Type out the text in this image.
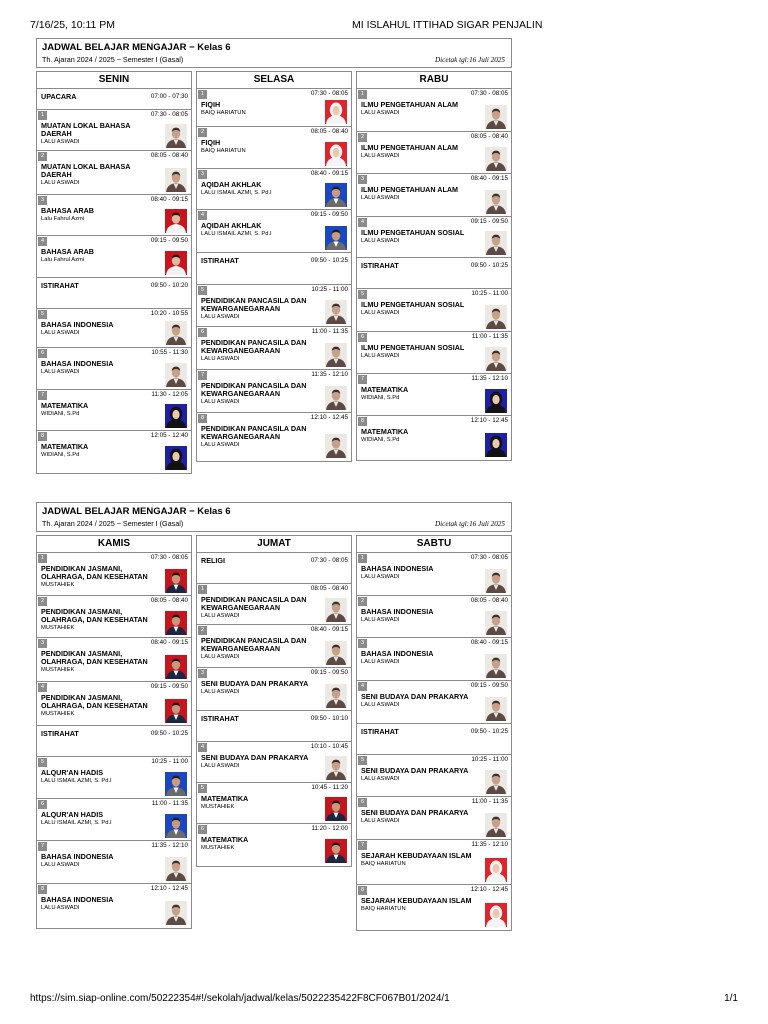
7/16/25, 10:11 PM	MI ISLAHUL ITTIHAD SIGAR PENJALIN
JADWAL BELAJAR MENGAJAR − Kelas 6
Th. Ajaran 2024 / 2025 − Semester I (Gasal)	Dicetak tgl:16 Juli 2025
SENIN
07:00 - 07:30
UPACARA
1	07:30 - 08:05
MUATAN LOKAL BAHASA DAERAH
LALU ASWADI
2	08:05 - 08:40
MUATAN LOKAL BAHASA DAERAH
LALU ASWADI
3	08:40 - 09:15
BAHASA ARAB
Lalu Fahrul Azmi
4	09:15 - 09:50
BAHASA ARAB
Lalu Fahrul Azmi
09:50 - 10:20
ISTIRAHAT
5	10:20 - 10:55
BAHASA INDONESIA
LALU ASWADI
6	10:55 - 11:30
BAHASA INDONESIA
LALU ASWADI
7	11:30 - 12:05
MATEMATIKA
WIDIANI, S.Pd
8	12:05 - 12:40
MATEMATIKA
WIDIANI, S.Pd
SELASA
1	07:30 - 08:05
FIQIH
BAIQ HARIATUN
2	08:05 - 08:40
FIQIH
BAIQ HARIATUN
3	08:40 - 09:15
AQIDAH AKHLAK
LALU ISMAIL AZMI, S. Pd.I
4	09:15 - 09:50
AQIDAH AKHLAK
LALU ISMAIL AZMI, S. Pd.I
09:50 - 10:25
ISTIRAHAT
5	10:25 - 11:00
PENDIDIKAN PANCASILA DAN KEWARGANEGARAAN
LALU ASWADI
6	11:00 - 11:35
PENDIDIKAN PANCASILA DAN KEWARGANEGARAAN
LALU ASWADI
7	11:35 - 12:10
PENDIDIKAN PANCASILA DAN KEWARGANEGARAAN
LALU ASWADI
8	12:10 - 12:45
PENDIDIKAN PANCASILA DAN KEWARGANEGARAAN
LALU ASWADI
RABU
1	07:30 - 08:05
ILMU PENGETAHUAN ALAM
LALU ASWADI
2	08:05 - 08:40
ILMU PENGETAHUAN ALAM
LALU ASWADI
3	08:40 - 09:15
ILMU PENGETAHUAN ALAM
LALU ASWADI
4	09:15 - 09:50
ILMU PENGETAHUAN SOSIAL
LALU ASWADI
09:50 - 10:25
ISTIRAHAT
5	10:25 - 11:00
ILMU PENGETAHUAN SOSIAL
LALU ASWADI
6	11:00 - 11:35
ILMU PENGETAHUAN SOSIAL
LALU ASWADI
7	11:35 - 12:10
MATEMATIKA
WIDIANI, S.Pd
8	12:10 - 12:45
MATEMATIKA
WIDIANI, S.Pd
JADWAL BELAJAR MENGAJAR − Kelas 6
Th. Ajaran 2024 / 2025 − Semester I (Gasal)	Dicetak tgl:16 Juli 2025
KAMIS
1	07:30 - 08:05
PENDIDIKAN JASMANI, OLAHRAGA, DAN KESEHATAN
MUSTAHIEK
2	08:05 - 08:40
PENDIDIKAN JASMANI, OLAHRAGA, DAN KESEHATAN
MUSTAHIEK
3	08:40 - 09:15
PENDIDIKAN JASMANI, OLAHRAGA, DAN KESEHATAN
MUSTAHIEK
4	09:15 - 09:50
PENDIDIKAN JASMANI, OLAHRAGA, DAN KESEHATAN
MUSTAHIEK
09:50 - 10:25
ISTIRAHAT
5	10:25 - 11:00
ALQUR'AN HADIS
LALU ISMAIL AZMI, S. Pd.I
6	11:00 - 11:35
ALQUR'AN HADIS
LALU ISMAIL AZMI, S. Pd.I
7	11:35 - 12:10
BAHASA INDONESIA
LALU ASWADI
8	12:10 - 12:45
BAHASA INDONESIA
LALU ASWADI
JUMAT
07:30 - 08:05
RELIGI
1	08:05 - 08:40
PENDIDIKAN PANCASILA DAN KEWARGANEGARAAN
LALU ASWADI
2	08:40 - 09:15
PENDIDIKAN PANCASILA DAN KEWARGANEGARAAN
LALU ASWADI
3	09:15 - 09:50
SENI BUDAYA DAN PRAKARYA
LALU ASWADI
09:50 - 10:10
ISTIRAHAT
4	10:10 - 10:45
SENI BUDAYA DAN PRAKARYA
LALU ASWADI
5	10:45 - 11:20
MATEMATIKA
MUSTAHIEK
6	11:20 - 12:00
MATEMATIKA
MUSTAHIEK
SABTU
1	07:30 - 08:05
BAHASA INDONESIA
LALU ASWADI
2	08:05 - 08:40
BAHASA INDONESIA
LALU ASWADI
3	08:40 - 09:15
BAHASA INDONESIA
LALU ASWADI
4	09:15 - 09:50
SENI BUDAYA DAN PRAKARYA
LALU ASWADI
09:50 - 10:25
ISTIRAHAT
5	10:25 - 11:00
SENI BUDAYA DAN PRAKARYA
LALU ASWADI
6	11:00 - 11:35
SENI BUDAYA DAN PRAKARYA
LALU ASWADI
7	11:35 - 12:10
SEJARAH KEBUDAYAAN ISLAM
BAIQ HARIATUN
8	12:10 - 12:45
SEJARAH KEBUDAYAAN ISLAM
BAIQ HARIATUN
https://sim.siap-online.com/50222354#!/sekolah/jadwal/kelas/5022235422F8CF067B01/2024/1	1/1
